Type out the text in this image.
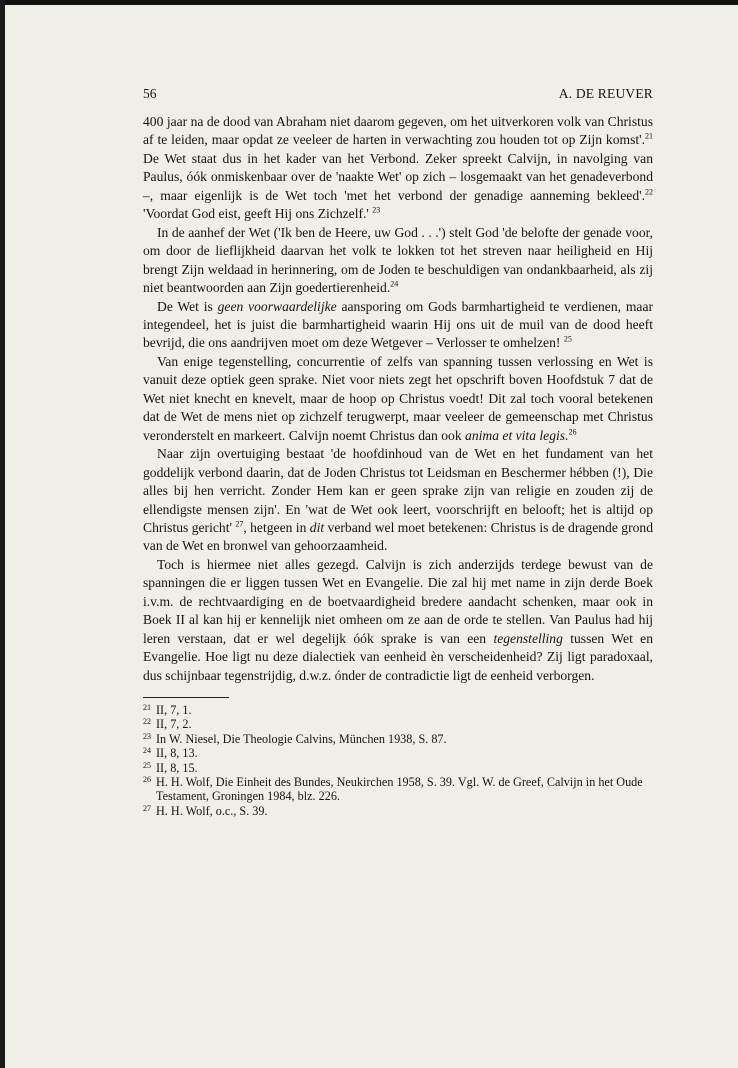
56	A. DE REUVER

400 jaar na de dood van Abraham niet daarom gegeven, om het uitverkoren volk van Christus af te leiden, maar opdat ze veeleer de harten in verwachting zou houden tot op Zijn komst'.$^{21}$ De Wet staat dus in het kader van het Verbond. Zeker spreekt Calvijn, in navolging van Paulus, óók onmiskenbaar over de 'naakte Wet' op zich – losgemaakt van het genadeverbond –, maar eigenlijk is de Wet toch 'met het verbond der genadige aanneming bekleed'.$^{22}$ 'Voordat God eist, geeft Hij ons Zichzelf.' $^{23}$

In de aanhef der Wet ('Ik ben de Heere, uw God . . .') stelt God 'de belofte der genade voor, om door de lieflijkheid daarvan het volk te lokken tot het streven naar heiligheid en Hij brengt Zijn weldaad in herinnering, om de Joden te beschuldigen van ondankbaarheid, als zij niet beantwoorden aan Zijn goedertierenheid.$^{24}$

De Wet is geen voorwaardelijke aansporing om Gods barmhartigheid te verdienen, maar integendeel, het is juist die barmhartigheid waarin Hij ons uit de muil van de dood heeft bevrijd, die ons aandrijven moet om deze Wetgever – Verlosser te omhelzen! $^{25}$

Van enige tegenstelling, concurrentie of zelfs van spanning tussen verlossing en Wet is vanuit deze optiek geen sprake. Niet voor niets zegt het opschrift boven Hoofdstuk 7 dat de Wet niet knecht en knevelt, maar de hoop op Christus voedt! Dit zal toch vooral betekenen dat de Wet de mens niet op zichzelf terugwerpt, maar veeleer de gemeenschap met Christus veronderstelt en markeert. Calvijn noemt Christus dan ook anima et vita legis.$^{26}$

Naar zijn overtuiging bestaat 'de hoofdinhoud van de Wet en het fundament van het goddelijk verbond daarin, dat de Joden Christus tot Leidsman en Beschermer hébben (!), Die alles bij hen verricht. Zonder Hem kan er geen sprake zijn van religie en zouden zij de ellendigste mensen zijn'. En 'wat de Wet ook leert, voorschrijft en belooft; het is altijd op Christus gericht' $^{27}$, hetgeen in dit verband wel moet betekenen: Christus is de dragende grond van de Wet en bronwel van gehoorzaamheid.

Toch is hiermee niet alles gezegd. Calvijn is zich anderzijds terdege bewust van de spanningen die er liggen tussen Wet en Evangelie. Die zal hij met name in zijn derde Boek i.v.m. de rechtvaardiging en de boetvaardigheid bredere aandacht schenken, maar ook in Boek II al kan hij er kennelijk niet omheen om ze aan de orde te stellen. Van Paulus had hij leren verstaan, dat er wel degelijk óók sprake is van een tegenstelling tussen Wet en Evangelie. Hoe ligt nu deze dialectiek van eenheid èn verscheidenheid? Zij ligt paradoxaal, dus schijnbaar tegenstrijdig, d.w.z. ónder de contradictie ligt de eenheid verborgen.

21 II, 7, 1.
22 II, 7, 2.
23 In W. Niesel, Die Theologie Calvins, München 1938, S. 87.
24 II, 8, 13.
25 II, 8, 15.
26 H. H. Wolf, Die Einheit des Bundes, Neukirchen 1958, S. 39. Vgl. W. de Greef, Calvijn in het Oude Testament, Groningen 1984, blz. 226.
27 H. H. Wolf, o.c., S. 39.
